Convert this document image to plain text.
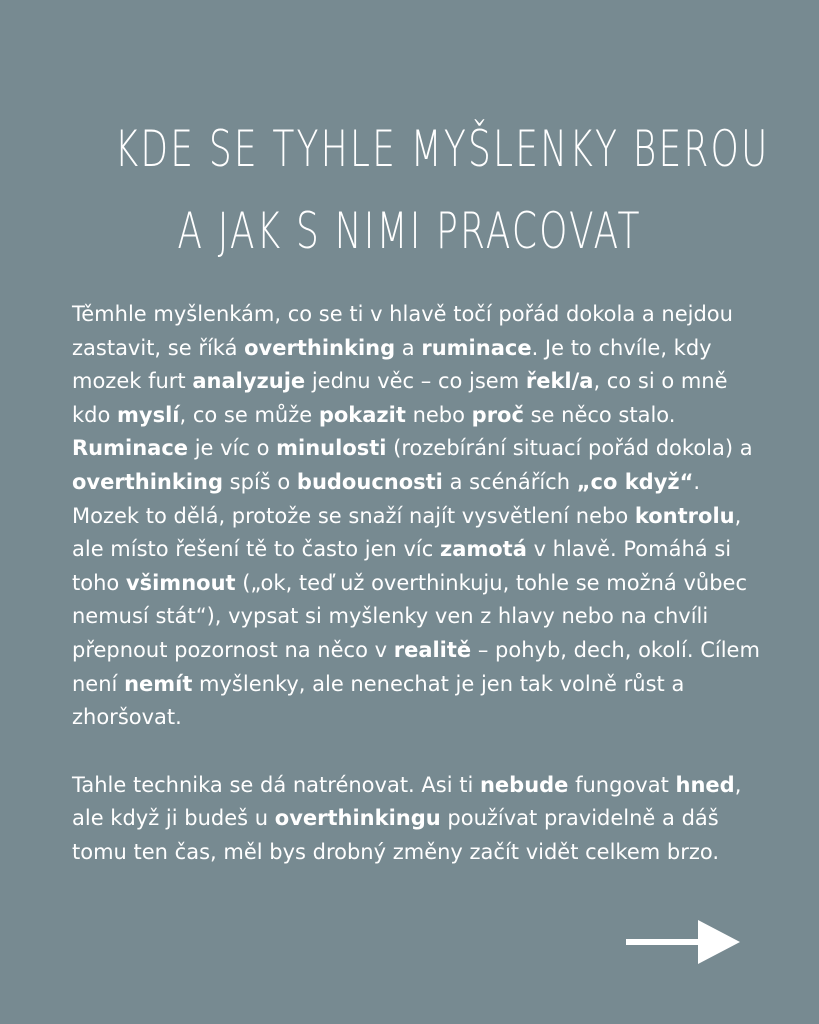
KDE SE TYHLE MYŠLENKY BEROU
A JAK S NIMI PRACOVAT

Těmhle myšlenkám, co se ti v hlavě točí pořád dokola a nejdou zastavit, se říká overthinking a ruminace. Je to chvíle, kdy mozek furt analyzuje jednu věc – co jsem řekl/a, co si o mně kdo myslí, co se může pokazit nebo proč se něco stalo. Ruminace je víc o minulosti (rozebírání situací pořád dokola) a overthinking spíš o budoucnosti a scénářích „co když“. Mozek to dělá, protože se snaží najít vysvětlení nebo kontrolu, ale místo řešení tě to často jen víc zamotá v hlavě. Pomáhá si toho všimnout („ok, teď už overthinkuju, tohle se možná vůbec nemusí stát“), vypsat si myšlenky ven z hlavy nebo na chvíli přepnout pozornost na něco v realitě – pohyb, dech, okolí. Cílem není nemít myšlenky, ale nenechat je jen tak volně růst a zhoršovat.

Tahle technika se dá natrénovat. Asi ti nebude fungovat hned, ale když ji budeš u overthinkingu používat pravidelně a dáš tomu ten čas, měl bys drobný změny začít vidět celkem brzo.
